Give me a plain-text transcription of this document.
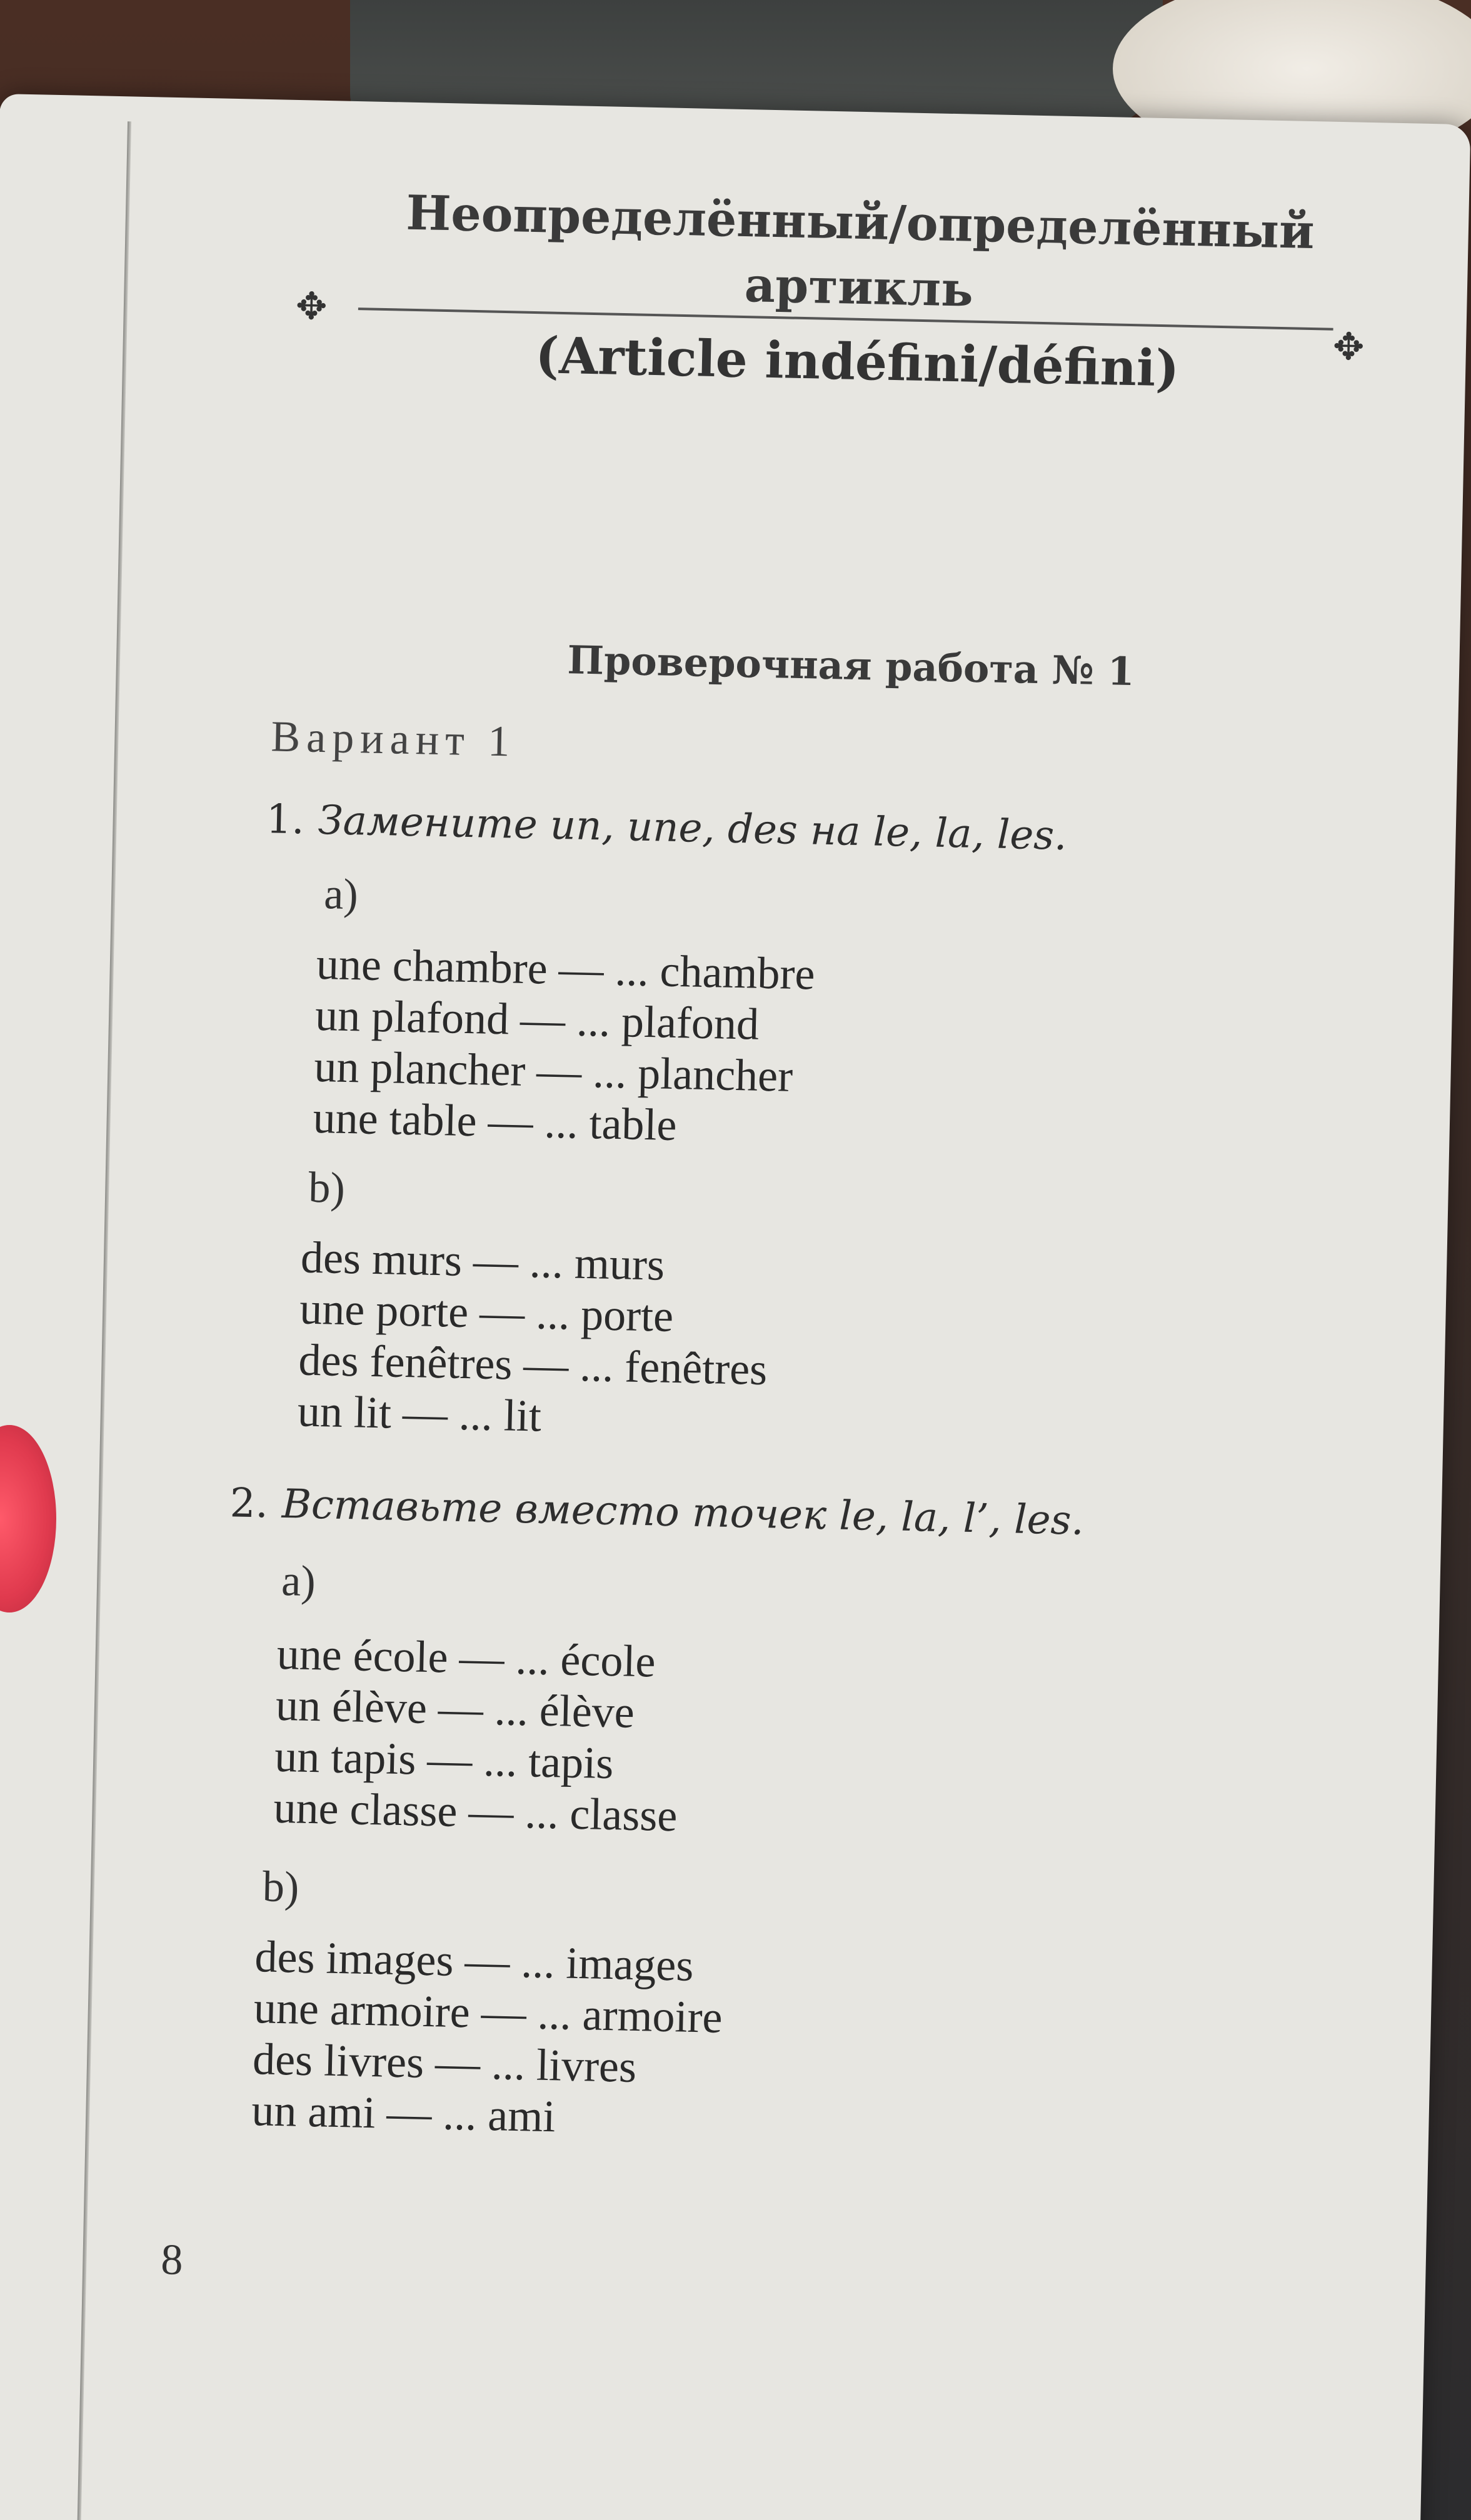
Неопределённый/определённый
артикль
✥
✥
(Article indéfini/défini)
Проверочная работа № 1
Вариант 1
1. Замените un, une, des на le, la, les.
a)
une chambre — ... chambre
un plafond — ... plafond
un plancher — ... plancher
une table — ... table
b)
des murs — ... murs
une porte — ... porte
des fenêtres — ... fenêtres
un lit — ... lit
2. Вставьте вместо точек le, la, l’, les.
a)
une école — ... école
un élève — ... élève
un tapis — ... tapis
une classe — ... classe
b)
des images — ... images
une armoire — ... armoire
des livres — ... livres
un ami — ... ami
8
